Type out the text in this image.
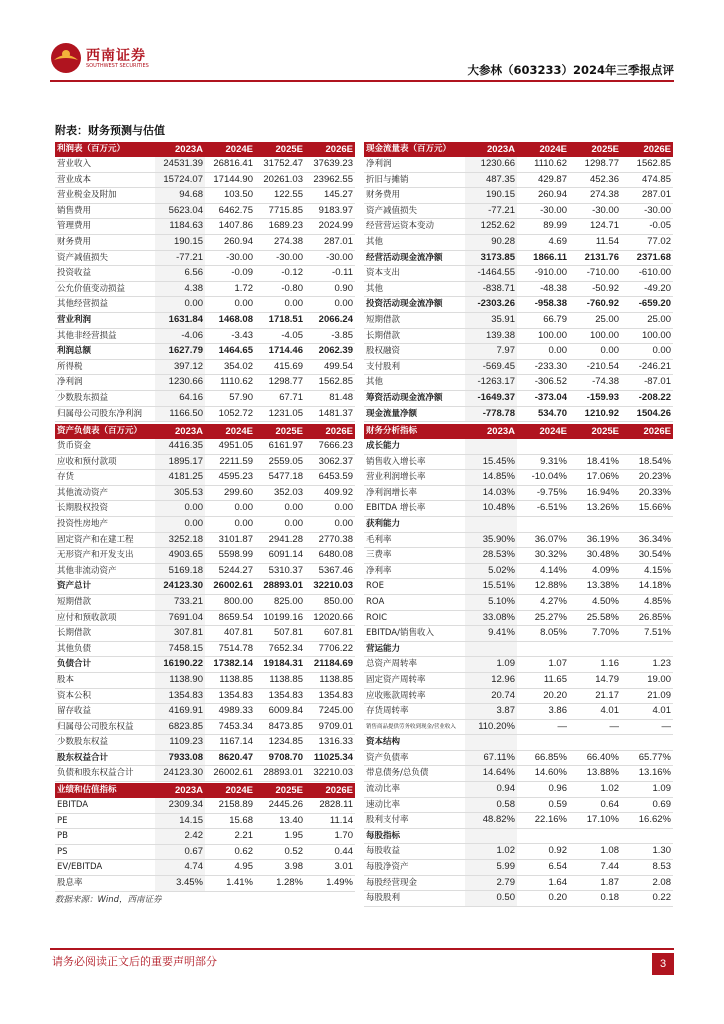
西南证券
SOUTHWEST SECURITIES	大参林（603233）2024年三季报点评
附表：财务预测与估值
利润表（百万元）	2023A	2024E	2025E	2026E
营业收入	24531.39	26816.41	31752.47	37639.23
营业成本	15724.07	17144.90	20261.03	23962.55
营业税金及附加	94.68	103.50	122.55	145.27
销售费用	5623.04	6462.75	7715.85	9183.97
管理费用	1184.63	1407.86	1689.23	2024.99
财务费用	190.15	260.94	274.38	287.01
资产减值损失	-77.21	-30.00	-30.00	-30.00
投资收益	6.56	-0.09	-0.12	-0.11
公允价值变动损益	4.38	1.72	-0.80	0.90
其他经营损益	0.00	0.00	0.00	0.00
营业利润	1631.84	1468.08	1718.51	2066.24
其他非经营损益	-4.06	-3.43	-4.05	-3.85
利润总额	1627.79	1464.65	1714.46	2062.39
所得税	397.12	354.02	415.69	499.54
净利润	1230.66	1110.62	1298.77	1562.85
少数股东损益	64.16	57.90	67.71	81.48
归属母公司股东净利润	1166.50	1052.72	1231.05	1481.37
现金流量表（百万元）	2023A	2024E	2025E	2026E
净利润	1230.66	1110.62	1298.77	1562.85
折旧与摊销	487.35	429.87	452.36	474.85
财务费用	190.15	260.94	274.38	287.01
资产减值损失	-77.21	-30.00	-30.00	-30.00
经营营运资本变动	1252.62	89.99	124.71	-0.05
其他	90.28	4.69	11.54	77.02
经营活动现金流净额	3173.85	1866.11	2131.76	2371.68
资本支出	-1464.55	-910.00	-710.00	-610.00
其他	-838.71	-48.38	-50.92	-49.20
投资活动现金流净额	-2303.26	-958.38	-760.92	-659.20
短期借款	35.91	66.79	25.00	25.00
长期借款	139.38	100.00	100.00	100.00
股权融资	7.97	0.00	0.00	0.00
支付股利	-569.45	-233.30	-210.54	-246.21
其他	-1263.17	-306.52	-74.38	-87.01
筹资活动现金流净额	-1649.37	-373.04	-159.93	-208.22
现金流量净额	-778.78	534.70	1210.92	1504.26
资产负债表（百万元）	2023A	2024E	2025E	2026E
货币资金	4416.35	4951.05	6161.97	7666.23
应收和预付款项	1895.17	2211.59	2559.05	3062.37
存货	4181.25	4595.23	5477.18	6453.59
其他流动资产	305.53	299.60	352.03	409.92
长期股权投资	0.00	0.00	0.00	0.00
投资性房地产	0.00	0.00	0.00	0.00
固定资产和在建工程	3252.18	3101.87	2941.28	2770.38
无形资产和开发支出	4903.65	5598.99	6091.14	6480.08
其他非流动资产	5169.18	5244.27	5310.37	5367.46
资产总计	24123.30	26002.61	28893.01	32210.03
短期借款	733.21	800.00	825.00	850.00
应付和预收款项	7691.04	8659.54	10199.16	12020.66
长期借款	307.81	407.81	507.81	607.81
其他负债	7458.15	7514.78	7652.34	7706.22
负债合计	16190.22	17382.14	19184.31	21184.69
股本	1138.90	1138.85	1138.85	1138.85
资本公积	1354.83	1354.83	1354.83	1354.83
留存收益	4169.91	4989.33	6009.84	7245.00
归属母公司股东权益	6823.85	7453.34	8473.85	9709.01
少数股东权益	1109.23	1167.14	1234.85	1316.33
股东权益合计	7933.08	8620.47	9708.70	11025.34
负债和股东权益合计	24123.30	26002.61	28893.01	32210.03
财务分析指标	2023A	2024E	2025E	2026E
成长能力				
销售收入增长率	15.45%	9.31%	18.41%	18.54%
营业利润增长率	14.85%	-10.04%	17.06%	20.23%
净利润增长率	14.03%	-9.75%	16.94%	20.33%
EBITDA 增长率	10.48%	-6.51%	13.26%	15.66%
获利能力				
毛利率	35.90%	36.07%	36.19%	36.34%
三费率	28.53%	30.32%	30.48%	30.54%
净利率	5.02%	4.14%	4.09%	4.15%
ROE	15.51%	12.88%	13.38%	14.18%
ROA	5.10%	4.27%	4.50%	4.85%
ROIC	33.08%	25.27%	25.58%	26.85%
EBITDA/销售收入	9.41%	8.05%	7.70%	7.51%
营运能力				
总资产周转率	1.09	1.07	1.16	1.23
固定资产周转率	12.96	11.65	14.79	19.00
应收账款周转率	20.74	20.20	21.17	21.09
存货周转率	3.87	3.86	4.01	4.01
销售商品提供劳务收到现金/营业收入	110.20%	—	—	—
资本结构				
资产负债率	67.11%	66.85%	66.40%	65.77%
带息债务/总负债	14.64%	14.60%	13.88%	13.16%
流动比率	0.94	0.96	1.02	1.09
速动比率	0.58	0.59	0.64	0.69
股利支付率	48.82%	22.16%	17.10%	16.62%
每股指标				
每股收益	1.02	0.92	1.08	1.30
每股净资产	5.99	6.54	7.44	8.53
每股经营现金	2.79	1.64	1.87	2.08
每股股利	0.50	0.20	0.18	0.22
业绩和估值指标	2023A	2024E	2025E	2026E
EBITDA	2309.34	2158.89	2445.26	2828.11
PE	14.15	15.68	13.40	11.14
PB	2.42	2.21	1.95	1.70
PS	0.67	0.62	0.52	0.44
EV/EBITDA	4.74	4.95	3.98	3.01
股息率	3.45%	1.41%	1.28%	1.49%
数据来源：Wind，西南证券
请务必阅读正文后的重要声明部分	3
